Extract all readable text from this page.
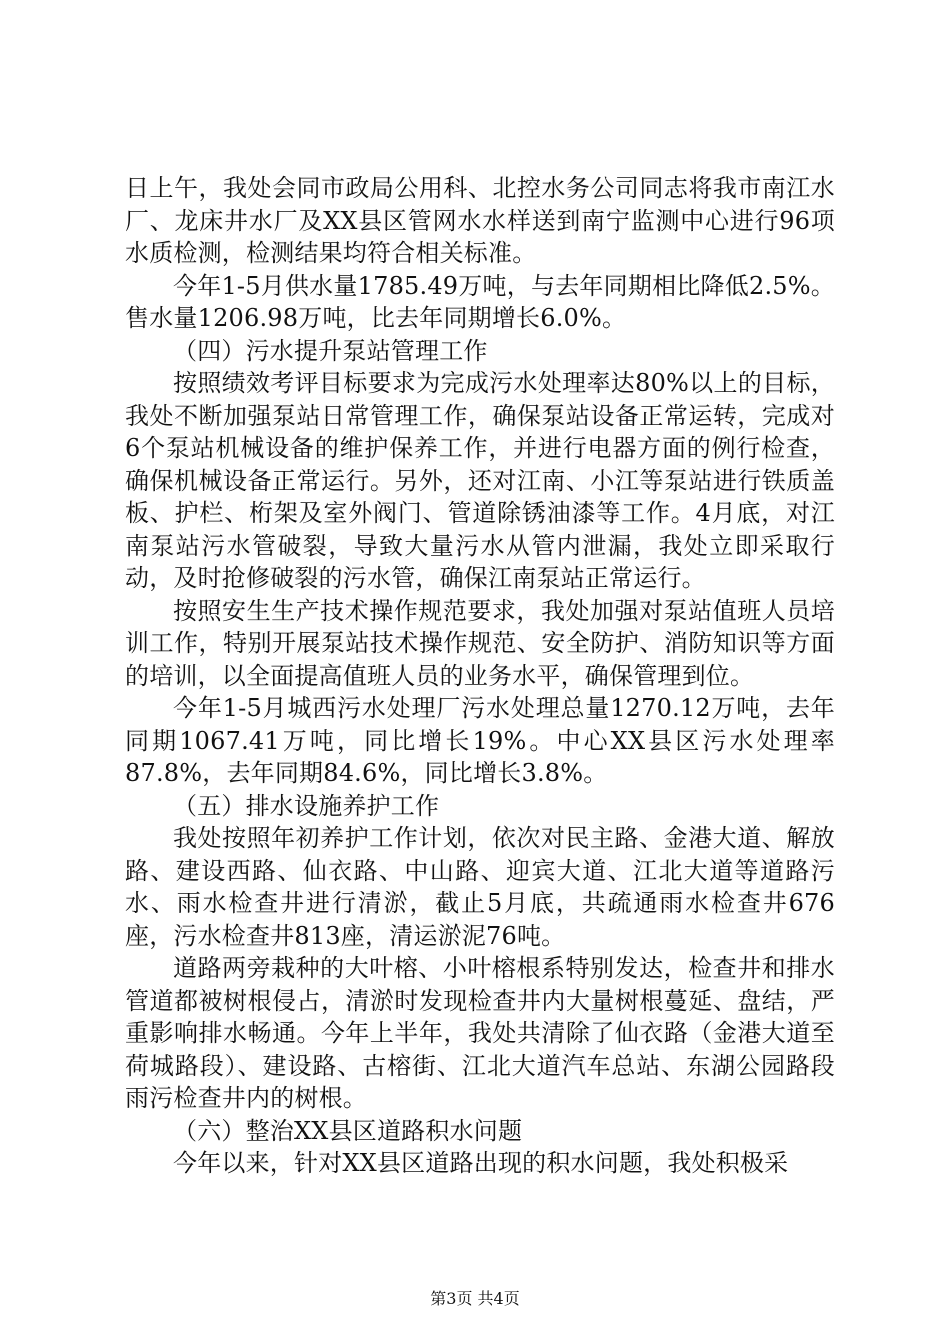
日上午，我处会同市政局公用科、北控水务公司同志将我市南江水厂、龙床井水厂及XX县区管网水水样送到南宁监测中心进行96项水质检测，检测结果均符合相关标准。

今年1-5月供水量1785.49万吨，与去年同期相比降低2.5%。售水量1206.98万吨，比去年同期增长6.0%。

（四）污水提升泵站管理工作

按照绩效考评目标要求为完成污水处理率达80%以上的目标，我处不断加强泵站日常管理工作，确保泵站设备正常运转，完成对6个泵站机械设备的维护保养工作，并进行电器方面的例行检查，确保机械设备正常运行。另外，还对江南、小江等泵站进行铁质盖板、护栏、桁架及室外阀门、管道除锈油漆等工作。4月底，对江南泵站污水管破裂，导致大量污水从管内泄漏，我处立即采取行动，及时抢修破裂的污水管，确保江南泵站正常运行。

按照安生生产技术操作规范要求，我处加强对泵站值班人员培训工作，特别开展泵站技术操作规范、安全防护、消防知识等方面的培训，以全面提高值班人员的业务水平，确保管理到位。

今年1-5月城西污水处理厂污水处理总量1270.12万吨，去年同期1067.41万吨，同比增长19%。中心XX县区污水处理率87.8%，去年同期84.6%，同比增长3.8%。

（五）排水设施养护工作

我处按照年初养护工作计划，依次对民主路、金港大道、解放路、建设西路、仙衣路、中山路、迎宾大道、江北大道等道路污水、雨水检查井进行清淤，截止5月底，共疏通雨水检查井676座，污水检查井813座，清运淤泥76吨。

道路两旁栽种的大叶榕、小叶榕根系特别发达，检查井和排水管道都被树根侵占，清淤时发现检查井内大量树根蔓延、盘结，严重影响排水畅通。今年上半年，我处共清除了仙衣路（金港大道至荷城路段）、建设路、古榕街、江北大道汽车总站、东湖公园路段雨污检查井内的树根。

（六）整治XX县区道路积水问题

今年以来，针对XX县区道路出现的积水问题，我处积极采

第3页 共4页
